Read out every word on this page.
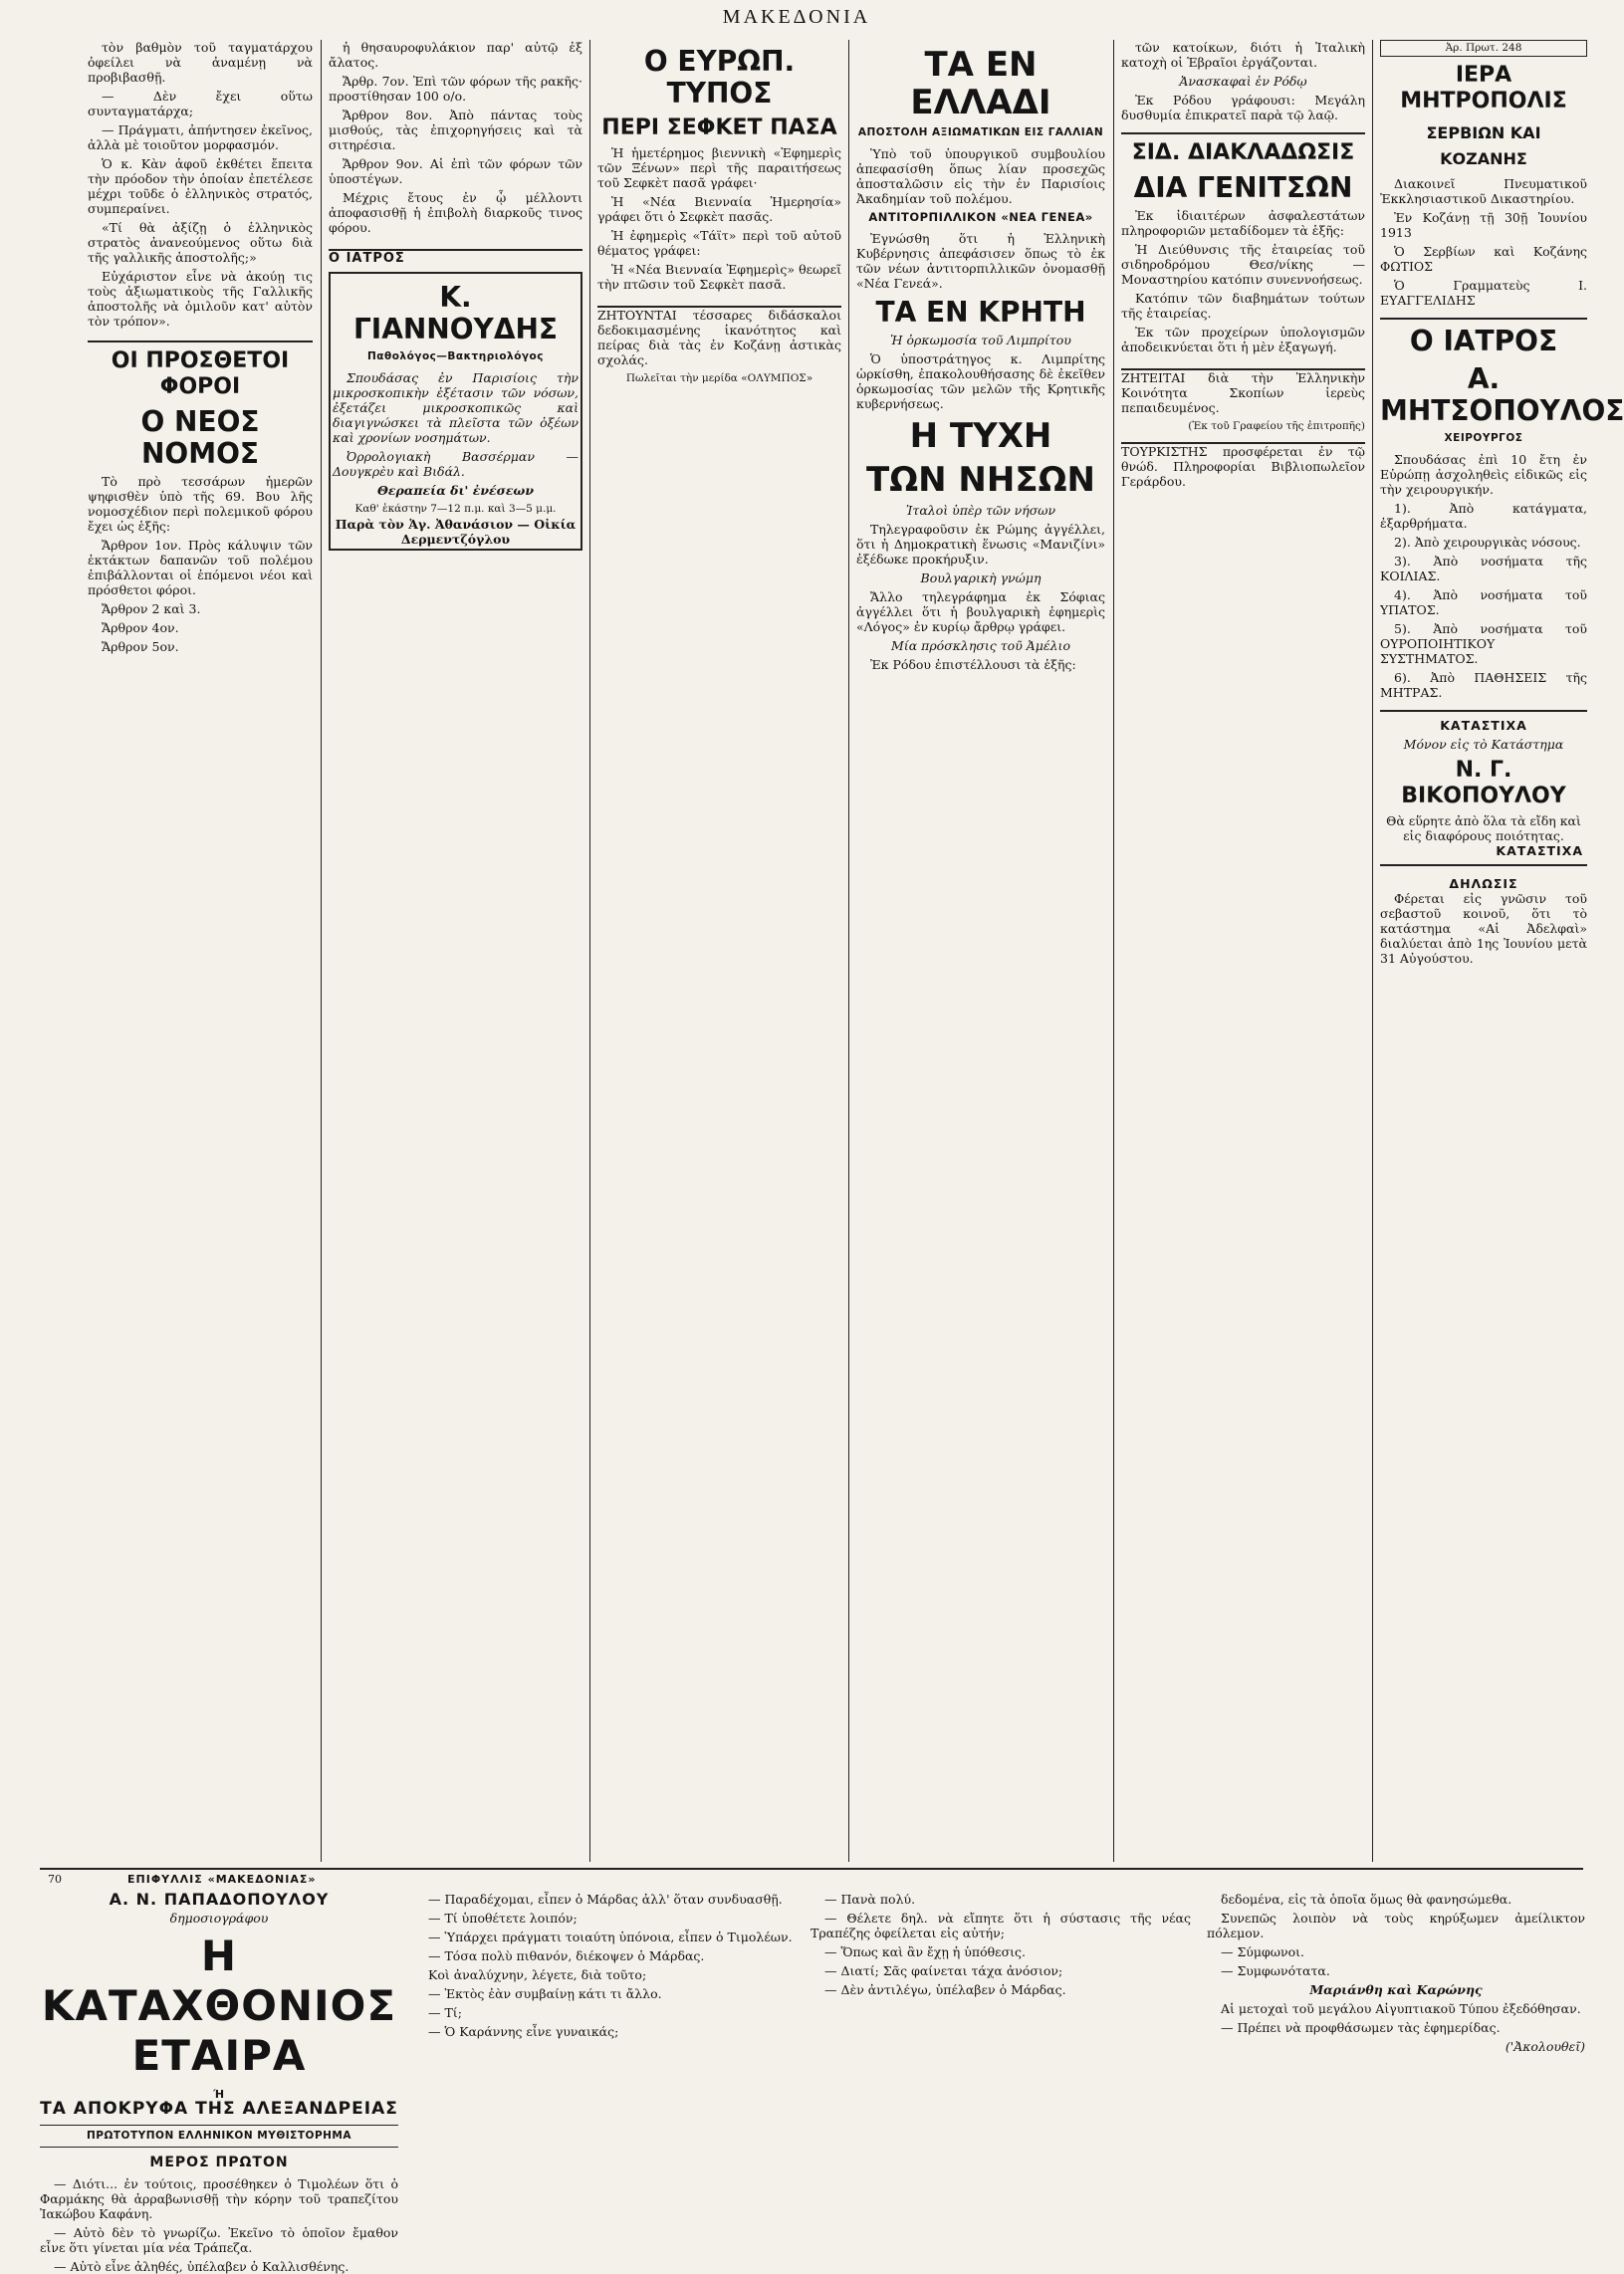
ΜΑΚΕΔΟΝΙΑ

τὸν βαθμὸν τοῦ ταγματάρχου ὀφείλει νὰ ἀναμένῃ νὰ προβιβασθῇ.

— Δὲν ἔχει οὕτω συνταγματάρχα;

— Πράγματι, ἀπήντησεν ἐκεῖνος, ἀλλὰ μὲ τοιοῦτον μορφασμόν.

Ὁ κ. Κὰν ἀφοῦ ἐκθέτει ἔπειτα τὴν πρόοδον τὴν ὁποίαν ἐπετέλεσε μέχρι τοῦδε ὁ ἑλληνικὸς στρατός, συμπεραίνει.

«Τί θὰ ἀξίζῃ ὁ ἑλληνικὸς στρατὸς ἀνανεούμενος οὕτω διὰ τῆς γαλλικῆς ἀποστολῆς;»

Εὐχάριστον εἶνε νὰ ἀκούῃ τις τοὺς ἀξιωματικοὺς τῆς Γαλλικῆς ἀποστολῆς νὰ ὁμιλοῦν κατ' αὐτὸν τὸν τρόπον».

ΟΙ ΠΡΟΣΘΕΤΟΙ ΦΟΡΟΙ
Ο ΝΕΟΣ ΝΟΜΟΣ

Τὸ πρὸ τεσσάρων ἡμερῶν ψηφισθὲν ὑπὸ τῆς 69. Βου λῆς νομοσχέδιον περὶ πολεμικοῦ φόρου ἔχει ὡς ἑξῆς:

Ἄρθρον 1ον. Πρὸς κάλυψιν τῶν ἐκτάκτων δαπανῶν τοῦ πολέμου ἐπιβάλλονται οἱ ἑπόμενοι νέοι καὶ πρόσθετοι φόροι.

Ἄρθρον 2 καὶ 3.

Ἄρθρον 4ον.

Ἄρθρον 5ον.

ἡ θησαυροφυλάκιον παρ' αὐτῷ ἐξ ἄλατος.

Ἄρθρ. 7ον. Ἐπὶ τῶν φόρων τῆς ρακῆς· προστίθησαν 100 ο/ο.

Ἄρθρον 8ον. Ἀπὸ πάντας τοὺς μισθούς, τὰς ἐπιχορηγήσεις καὶ τὰ σιτηρέσια.

Ἄρθρον 9ον. Αἱ ἐπὶ τῶν φόρων τῶν ὑποστέγων.

Μέχρις ἔτους ἐν ᾧ μέλλοντι ἀποφασισθῇ ἡ ἐπιβολὴ διαρκοῦς τινος φόρου.

Ο ΙΑΤΡΟΣ
Κ. ΓΙΑΝΝΟΥΔΗΣ
Παθολόγος—Βακτηριολόγος

Σπουδάσας ἐν Παρισίοις τὴν μικροσκοπικὴν ἐξέτασιν τῶν νόσων, ἐξετάζει μικροσκοπικῶς καὶ διαγιγνώσκει τὰ πλεῖστα τῶν ὀξέων καὶ χρονίων νοσημάτων.

Ὀρρολογιακὴ Βασσέρμαν — Δουγκρὲυ καὶ Βιδάλ.

Θεραπεία δι' ἐνέσεων
Καθ' ἑκάστην 7—12 π.μ. καὶ 3—5 μ.μ.
Παρὰ τὸν Ἁγ. Ἀθανάσιον — Οἰκία Δερμεντζόγλου
Ο ΕΥΡΩΠ. ΤΥΠΟΣ
ΠΕΡΙ ΣΕΦΚΕΤ ΠΑΣΑ

Ἡ ἡμετέρημος βιεννικὴ «Ἐφημερὶς τῶν Ξένων» περὶ τῆς παραιτήσεως τοῦ Σεφκὲτ πασᾶ γράφει·

Ἡ «Νέα Βιενναία Ἡμερησία» γράφει ὅτι ὁ Σεφκὲτ πασᾶς.

Ἡ ἐφημερὶς «Τάϊτ» περὶ τοῦ αὐτοῦ θέματος γράφει:

Ἡ «Νέα Βιενναία Ἐφημερὶς» θεωρεῖ τὴν πτῶσιν τοῦ Σεφκὲτ πασᾶ.

ΖΗΤΟΥΝΤΑΙ τέσσαρες διδάσκαλοι δεδοκιμασμένης ἱκανότητος καὶ πείρας διὰ τὰς ἐν Κοζάνῃ ἀστικὰς σχολάς.

Πωλεῖται τὴν μερίδα «ΟΛΥΜΠΟΣ»
ΤΑ ΕΝ ΕΛΛΑΔΙ
ΑΠΟΣΤΟΛΗ ΑΞΙΩΜΑΤΙΚΩΝ ΕΙΣ ΓΑΛΛΙΑΝ

Ὑπὸ τοῦ ὑπουργικοῦ συμβουλίου ἀπεφασίσθη ὅπως λίαν προσεχῶς ἀποσταλῶσιν εἰς τὴν ἐν Παρισίοις Ἀκαδημίαν τοῦ πολέμου.

ΑΝΤΙΤΟΡΠΙΛΛΙΚΟΝ «ΝΕΑ ΓΕΝΕΑ»

Ἐγνώσθη ὅτι ἡ Ἑλληνικὴ Κυβέρνησις ἀπεφάσισεν ὅπως τὸ ἐκ τῶν νέων ἀντιτορπιλλικῶν ὀνομασθῇ «Νέα Γενεά».

ΤΑ ΕΝ ΚΡΗΤΗ
Ἡ ὁρκωμοσία τοῦ Λιμπρίτου

Ὁ ὑποστράτηγος κ. Λιμπρίτης ὡρκίσθη, ἐπακολουθήσασης δὲ ἐκεῖθεν ὁρκωμοσίας τῶν μελῶν τῆς Κρητικῆς κυβερνήσεως.

Η ΤΥΧΗ
ΤΩΝ ΝΗΣΩΝ
Ἰταλοὶ ὑπὲρ τῶν νήσων

Τηλεγραφοῦσιν ἐκ Ρώμης ἀγγέλλει, ὅτι ἡ Δημοκρατικὴ ἕνωσις «Μανιζίνι» ἐξέδωκε προκήρυξιν.

Βουλγαρικὴ γνώμη

Ἄλλο τηλεγράφημα ἐκ Σόφιας ἀγγέλλει ὅτι ἡ βουλγαρικὴ ἐφημερὶς «Λόγος» ἐν κυρίῳ ἄρθρῳ γράφει.

Μία πρόσκλησις τοῦ Ἀμέλιο

Ἐκ Ρόδου ἐπιστέλλουσι τὰ ἑξῆς:

τῶν κατοίκων, διότι ἡ Ἰταλικὴ κατοχὴ οἱ Ἑβραῖοι ἐργάζονται.

Ἀνασκαφαὶ ἐν Ρόδῳ

Ἐκ Ρόδου γράφουσι: Μεγάλη δυσθυμία ἐπικρατεῖ παρὰ τῷ λαῷ.

ΣΙΔ. ΔΙΑΚΛΑΔΩΣΙΣ
ΔΙΑ ΓΕΝΙΤΣΩΝ

Ἐκ ἰδιαιτέρων ἀσφαλεστάτων πληροφοριῶν μεταδίδομεν τὰ ἑξῆς:

Ἡ Διεύθυνσις τῆς ἑταιρείας τοῦ σιδηροδρόμου Θεσ/νίκης — Μοναστηρίου κατόπιν συνεννοήσεως.

Κατόπιν τῶν διαβημάτων τούτων τῆς ἑταιρείας.

Ἐκ τῶν προχείρων ὑπολογισμῶν ἀποδεικνύεται ὅτι ἡ μὲν ἐξαγωγή.

ΖΗΤΕΙΤΑΙ διὰ τὴν Ἑλληνικὴν Κοινότητα Σκοπίων ἱερεὺς πεπαιδευμένος.

(Ἐκ τοῦ Γραφείου τῆς ἐπιτροπῆς)

ΤΟΥΡΚΙΣΤΗΣ προσφέρεται ἐν τῷ θνώδ. Πληροφορίαι Βιβλιοπωλεῖον Γεράρδου.

Ἀρ. Πρωτ. 248
ΙΕΡΑ ΜΗΤΡΟΠΟΛΙΣ
ΣΕΡΒΙΩΝ ΚΑΙ ΚΟΖΑΝΗΣ

Διακοινεῖ Πνευματικοῦ Ἐκκλησιαστικοῦ Δικαστηρίου.

Ἐν Κοζάνῃ τῇ 30ῇ Ἰουνίου 1913

Ὁ Σερβίων καὶ Κοζάνης ΦΩΤΙΟΣ

Ὁ Γραμματεὺς Ι. ΕΥΑΓΓΕΛΙΔΗΣ

Ο ΙΑΤΡΟΣ
Α. ΜΗΤΣΟΠΟΥΛΟΣ
ΧΕΙΡΟΥΡΓΟΣ

Σπουδάσας ἐπὶ 10 ἔτη ἐν Εὐρώπῃ ἀσχοληθεὶς εἰδικῶς εἰς τὴν χειρουργικήν.

1). Ἀπὸ κατάγματα, ἐξαρθρήματα.

2). Ἀπὸ χειρουργικὰς νόσους.

3). Ἀπὸ νοσήματα τῆς ΚΟΙΛΙΑΣ.

4). Ἀπὸ νοσήματα τοῦ ΥΠΑΤΟΣ.

5). Ἀπὸ νοσήματα τοῦ ΟΥΡΟΠΟΙΗΤΙΚΟΥ ΣΥΣΤΗΜΑΤΟΣ.

6). Ἀπὸ ΠΑΘΗΣΕΙΣ τῆς ΜΗΤΡΑΣ.

ΚΑΤΑΣΤΙΧΑ
Μόνον εἰς τὸ Κατάστημα
Ν. Γ. ΒΙΚΟΠΟΥΛΟΥ
Θὰ εὕρητε ἀπὸ ὅλα τὰ εἴδη καὶ εἰς διαφόρους ποιότητας.
ΚΑΤΑΣΤΙΧΑ
ΔΗΛΩΣΙΣ

Φέρεται εἰς γνῶσιν τοῦ σεβαστοῦ κοινοῦ, ὅτι τὸ κατάστημα «Αἱ Ἀδελφαὶ» διαλύεται ἀπὸ 1ης Ἰουνίου μετὰ 31 Αὐγούστου.

70	ΕΠΙΦΥΛΛΙΣ «ΜΑΚΕΔΟΝΙΑΣ»
Α. Ν. ΠΑΠΑΔΟΠΟΥΛΟΥ
δημοσιογράφου
Η ΚΑΤΑΧΘΟΝΙΟΣ ΕΤΑΙΡΑ
Ή
ΤΑ ΑΠΟΚΡΥΦΑ ΤΗΣ ΑΛΕΞΑΝΔΡΕΙΑΣ
ΠΡΩΤΟΤΥΠΟΝ ΕΛΛΗΝΙΚΟΝ ΜΥΘΙΣΤΟΡΗΜΑ
ΜΕΡΟΣ ΠΡΩΤΟΝ

— Διότι... ἐν τούτοις, προσέθηκεν ὁ Τιμολέων ὅτι ὁ Φαρμάκης θὰ ἀρραβωνισθῇ τὴν κόρην τοῦ τραπεζίτου Ἰακώβου Καφάνη.

— Αὐτὸ δὲν τὸ γνωρίζω. Ἐκεῖνο τὸ ὁποῖον ἔμαθον εἶνε ὅτι γίνεται μία νέα Τράπεζα.

— Αὐτὸ εἶνε ἀληθές, ὑπέλαβεν ὁ Καλλισθένης.

— Παραδέχομαι, εἶπεν ὁ Μάρδας ἀλλ' ὅταν συνδυασθῇ.

— Τί ὑποθέτετε λοιπόν;

— Ὑπάρχει πράγματι τοιαύτη ὑπόνοια, εἶπεν ὁ Τιμολέων.

— Τόσα πολὺ πιθανόν, διέκοψεν ὁ Μάρδας.

Κοὶ ἀναλύχνην, λέγετε, διὰ τοῦτο;

— Ἐκτὸς ἐὰν συμβαίνῃ κάτι τι ἄλλο.

— Τί;

— Ὁ Καράννης εἶνε γυναικάς;

— Πανὰ πολύ.

— Θέλετε δηλ. νὰ εἴπητε ὅτι ἡ σύστασις τῆς νέας Τραπέζης ὀφείλεται εἰς αὐτήν;

— Ὅπως καὶ ἂν ἔχῃ ἡ ὑπόθεσις.

— Διατί; Σᾶς φαίνεται τάχα ἀνόσιον;

— Δὲν ἀντιλέγω, ὑπέλαβεν ὁ Μάρδας.

δεδομένα, εἰς τὰ ὁποῖα ὅμως θὰ φανησώμεθα.

Συνεπῶς λοιπὸν νὰ τοὺς κηρύξωμεν ἀμείλικτον πόλεμον.

— Σύμφωνοι.

— Συμφωνότατα.

Μαριάνθη καὶ Καρώνης

Αἱ μετοχαὶ τοῦ μεγάλου Αἰγυπτιακοῦ Τύπου ἐξεδόθησαν.

— Πρέπει νὰ προφθάσωμεν τὰς ἐφημερίδας.

('Ἀκολουθεῖ)
